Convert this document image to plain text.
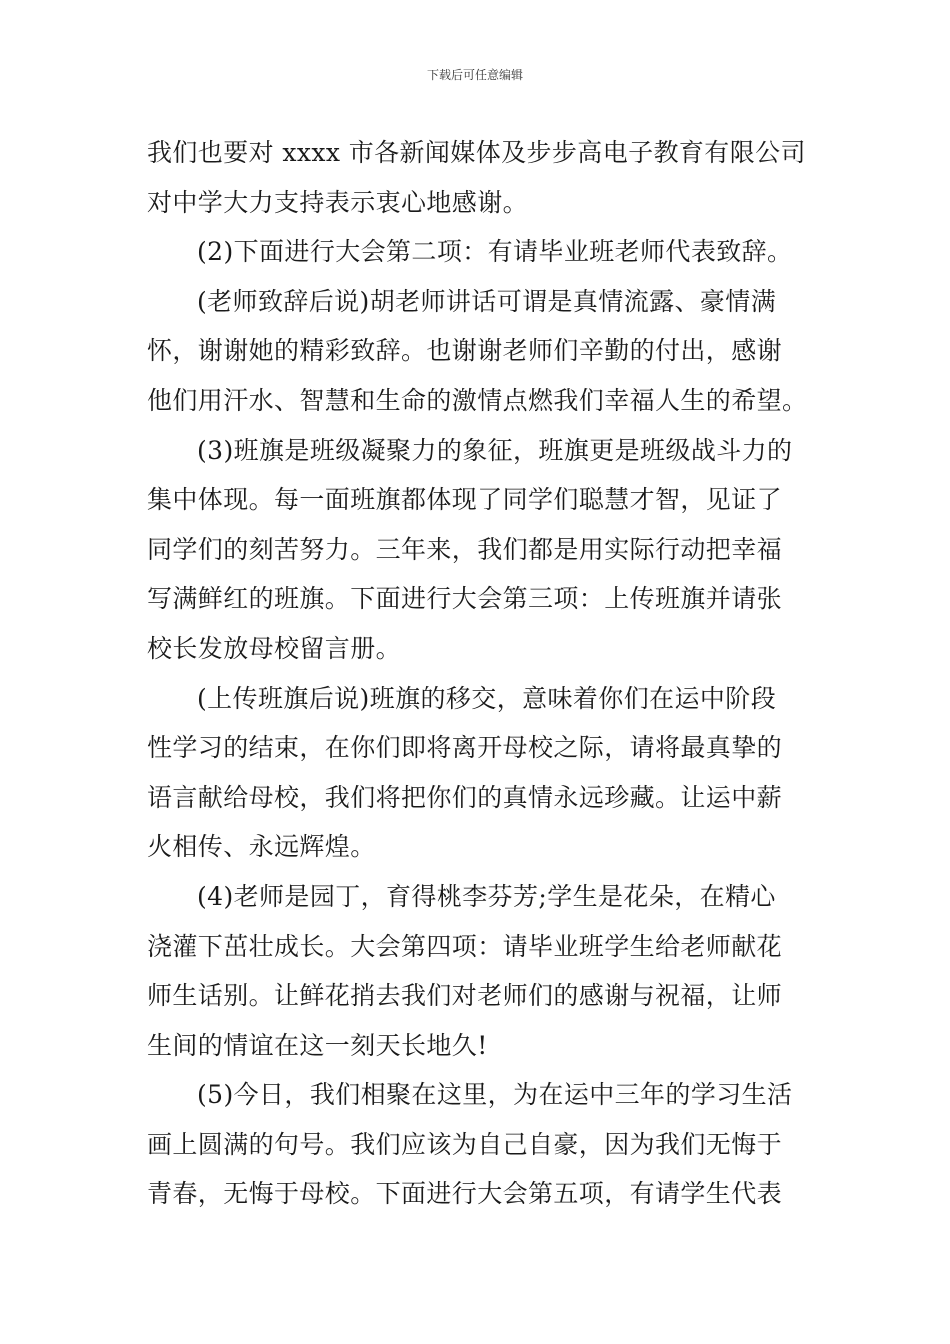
下载后可任意编辑
我们也要对 xxxx 市各新闻媒体及步步高电子教育有限公司
对中学大力支持表示衷心地感谢。
(2)下面进行大会第二项：有请毕业班老师代表致辞。
(老师致辞后说)胡老师讲话可谓是真情流露、豪情满
怀，谢谢她的精彩致辞。也谢谢老师们辛勤的付出，感谢
他们用汗水、智慧和生命的激情点燃我们幸福人生的希望。
(3)班旗是班级凝聚力的象征，班旗更是班级战斗力的
集中体现。每一面班旗都体现了同学们聪慧才智，见证了
同学们的刻苦努力。三年来，我们都是用实际行动把幸福
写满鲜红的班旗。下面进行大会第三项：上传班旗并请张
校长发放母校留言册。
(上传班旗后说)班旗的移交，意味着你们在运中阶段
性学习的结束，在你们即将离开母校之际，请将最真挚的
语言献给母校，我们将把你们的真情永远珍藏。让运中薪
火相传、永远辉煌。
(4)老师是园丁，育得桃李芬芳;学生是花朵，在精心
浇灌下茁壮成长。大会第四项：请毕业班学生给老师献花
师生话别。让鲜花捎去我们对老师们的感谢与祝福，让师
生间的情谊在这一刻天长地久!
(5)今日，我们相聚在这里，为在运中三年的学习生活
画上圆满的句号。我们应该为自己自豪，因为我们无悔于
青春，无悔于母校。下面进行大会第五项，有请学生代表
